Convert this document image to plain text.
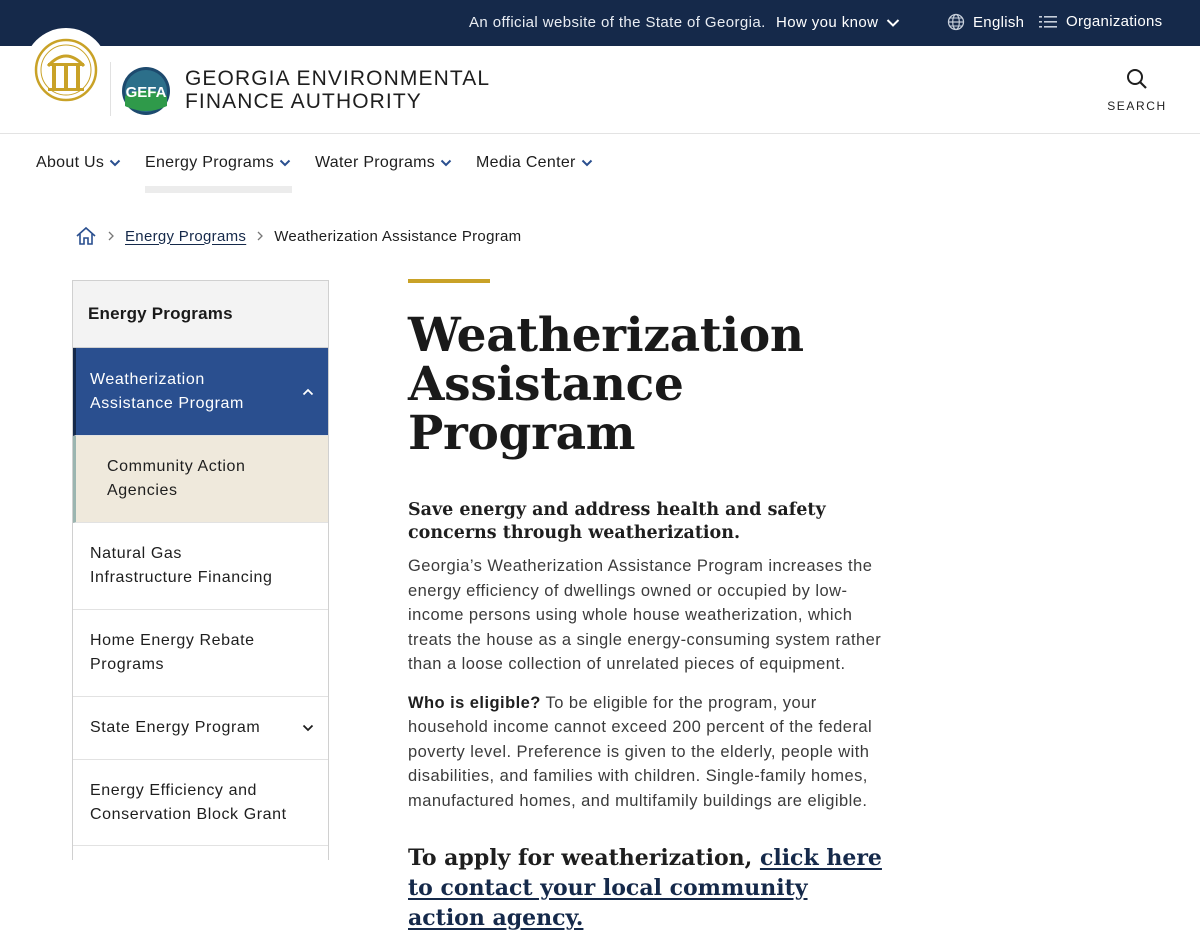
An official website of the State of Georgia. How you know	English	Organizations
GEFA
GEORGIA ENVIRONMENTAL
FINANCE AUTHORITY	SEARCH
About Us	Energy Programs	Water Programs	Media Center
Energy Programs Weatherization Assistance Program
Energy Programs
Weatherization Assistance Program
Community Action Agencies
Natural Gas Infrastructure Financing
Home Energy Rebate Programs
State Energy Program
Energy Efficiency and Conservation Block Grant
Weatherization
Assistance Program
Save energy and address health and safety concerns through weatherization.

Georgia’s Weatherization Assistance Program increases the energy efficiency of dwellings owned or occupied by low-income persons using whole house weatherization, which treats the house as a single energy-consuming system rather than a loose collection of unrelated pieces of equipment.

Who is eligible? To be eligible for the program, your household income cannot exceed 200 percent of the federal poverty level. Preference is given to the elderly, people with disabilities, and families with children. Single-family homes, manufactured homes, and multifamily buildings are eligible.

To apply for weatherization, click here to contact your local community action agency.
